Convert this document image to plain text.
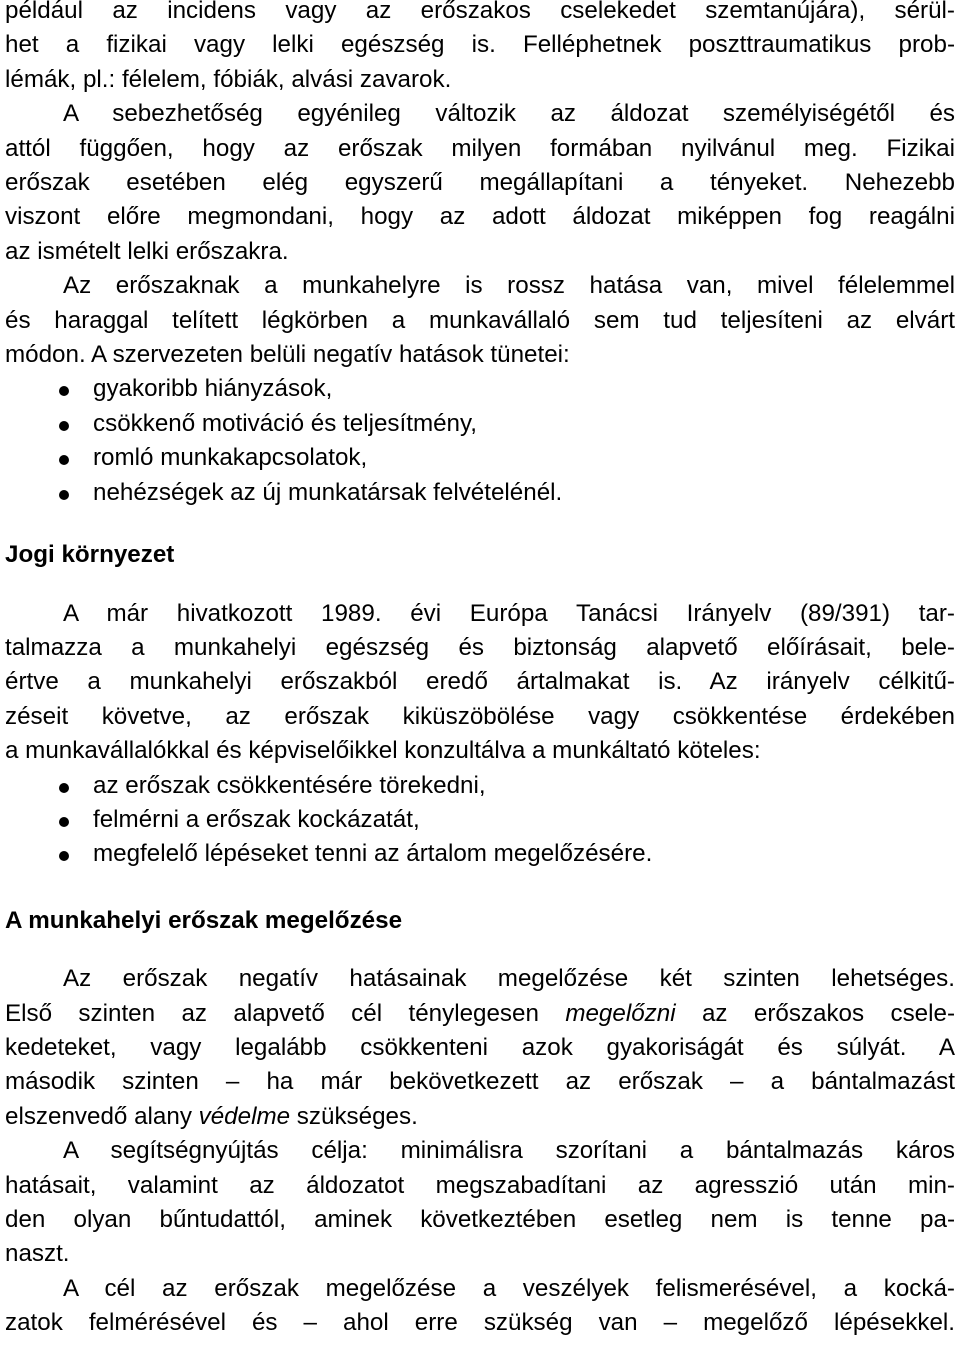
például az incidens vagy az erőszakos cselekedet szemtanújára), sérül-
het a fizikai vagy lelki egészség is. Felléphetnek poszttraumatikus prob-
lémák, pl.: félelem, fóbiák, alvási zavarok.
A sebezhetőség egyénileg változik az áldozat személyiségétől és
attól függően, hogy az erőszak milyen formában nyilvánul meg. Fizikai
erőszak esetében elég egyszerű megállapítani a tényeket. Nehezebb
viszont előre megmondani, hogy az adott áldozat miképpen fog reagálni
az ismételt lelki erőszakra.
Az erőszaknak a munkahelyre is rossz hatása van, mivel félelemmel
és haraggal telített légkörben a munkavállaló sem tud teljesíteni az elvárt
módon. A szervezeten belüli negatív hatások tünetei:
gyakoribb hiányzások,
csökkenő motiváció és teljesítmény,
romló munkakapcsolatok,
nehézségek az új munkatársak felvételénél.
Jogi környezet
A már hivatkozott 1989. évi Európa Tanácsi Irányelv (89/391) tar-
talmazza a munkahelyi egészség és biztonság alapvető előírásait, bele-
értve a munkahelyi erőszakból eredő ártalmakat is. Az irányelv célkitű-
zéseit követve, az erőszak kiküszöbölése vagy csökkentése érdekében
a munkavállalókkal és képviselőikkel konzultálva a munkáltató köteles:
az erőszak csökkentésére törekedni,
felmérni a erőszak kockázatát,
megfelelő lépéseket tenni az ártalom megelőzésére.
A munkahelyi erőszak megelőzése
Az erőszak negatív hatásainak megelőzése két szinten lehetséges.
Első szinten az alapvető cél ténylegesen megelőzni az erőszakos csele-
kedeteket, vagy legalább csökkenteni azok gyakoriságát és súlyát. A
második szinten – ha már bekövetkezett az erőszak – a bántalmazást
elszenvedő alany védelme szükséges.
A segítségnyújtás célja: minimálisra szorítani a bántalmazás káros
hatásait, valamint az áldozatot megszabadítani az agresszió után min-
den olyan bűntudattól, aminek következtében esetleg nem is tenne pa-
naszt.
A cél az erőszak megelőzése a veszélyek felismerésével, a kocká-
zatok felmérésével és – ahol erre szükség van – megelőző lépésekkel.
